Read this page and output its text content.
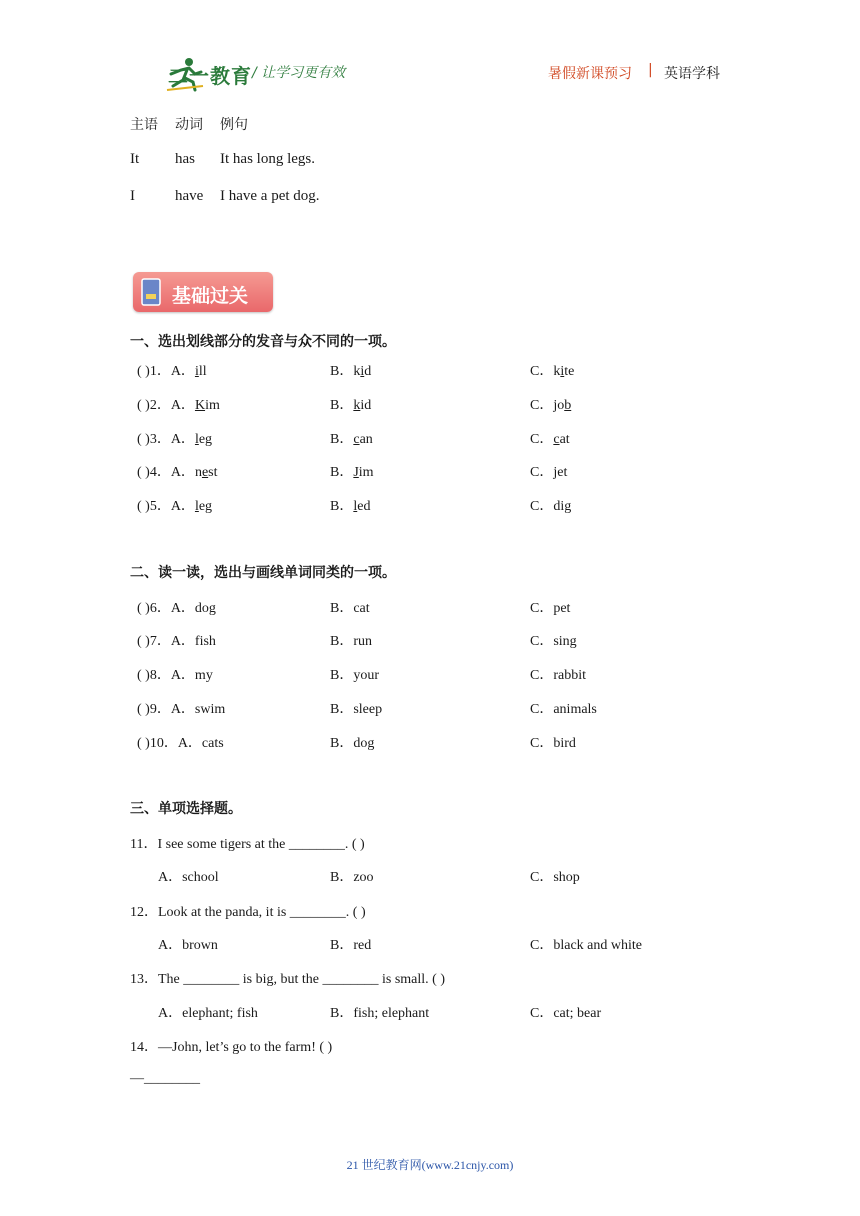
二一教育 / 让学习更有效	暑假新课预习 | 英语学科
主语 动词 例句
It has It has long legs.
I	have I have a pet dog.
基础过关
一、选出划线部分的发音与众不同的一项。
( )1．A．ill	B．kid	C．kite
( )2．A．Kim	B．kid	C．job
( )3．A．leg	B．can	C．cat
( )4．A．nest	B．Jim	C．jet
( )5．A．leg	B．led	C．dig
二、读一读，选出与画线单词同类的一项。
( )6．A．dog	B．cat	C．pet
( )7．A．fish	B．run	C．sing
( )8．A．my	B．your	C．rabbit
( )9．A．swim	B．sleep	C．animals
( )10．A．cats	B．dog	C．bird
三、单项选择题。
11．I see some tigers at the ________. ( )
A．school	B．zoo	C．shop
12．Look at the panda, it is ________. ( )
A．brown	B．red	C．black and white
13．The ________ is big, but the ________ is small. ( )
A．elephant; fish	B．fish; elephant	C．cat; bear
14．—John, let’s go to the farm! ( )
—________
21 世纪教育网(www.21cnjy.com)
